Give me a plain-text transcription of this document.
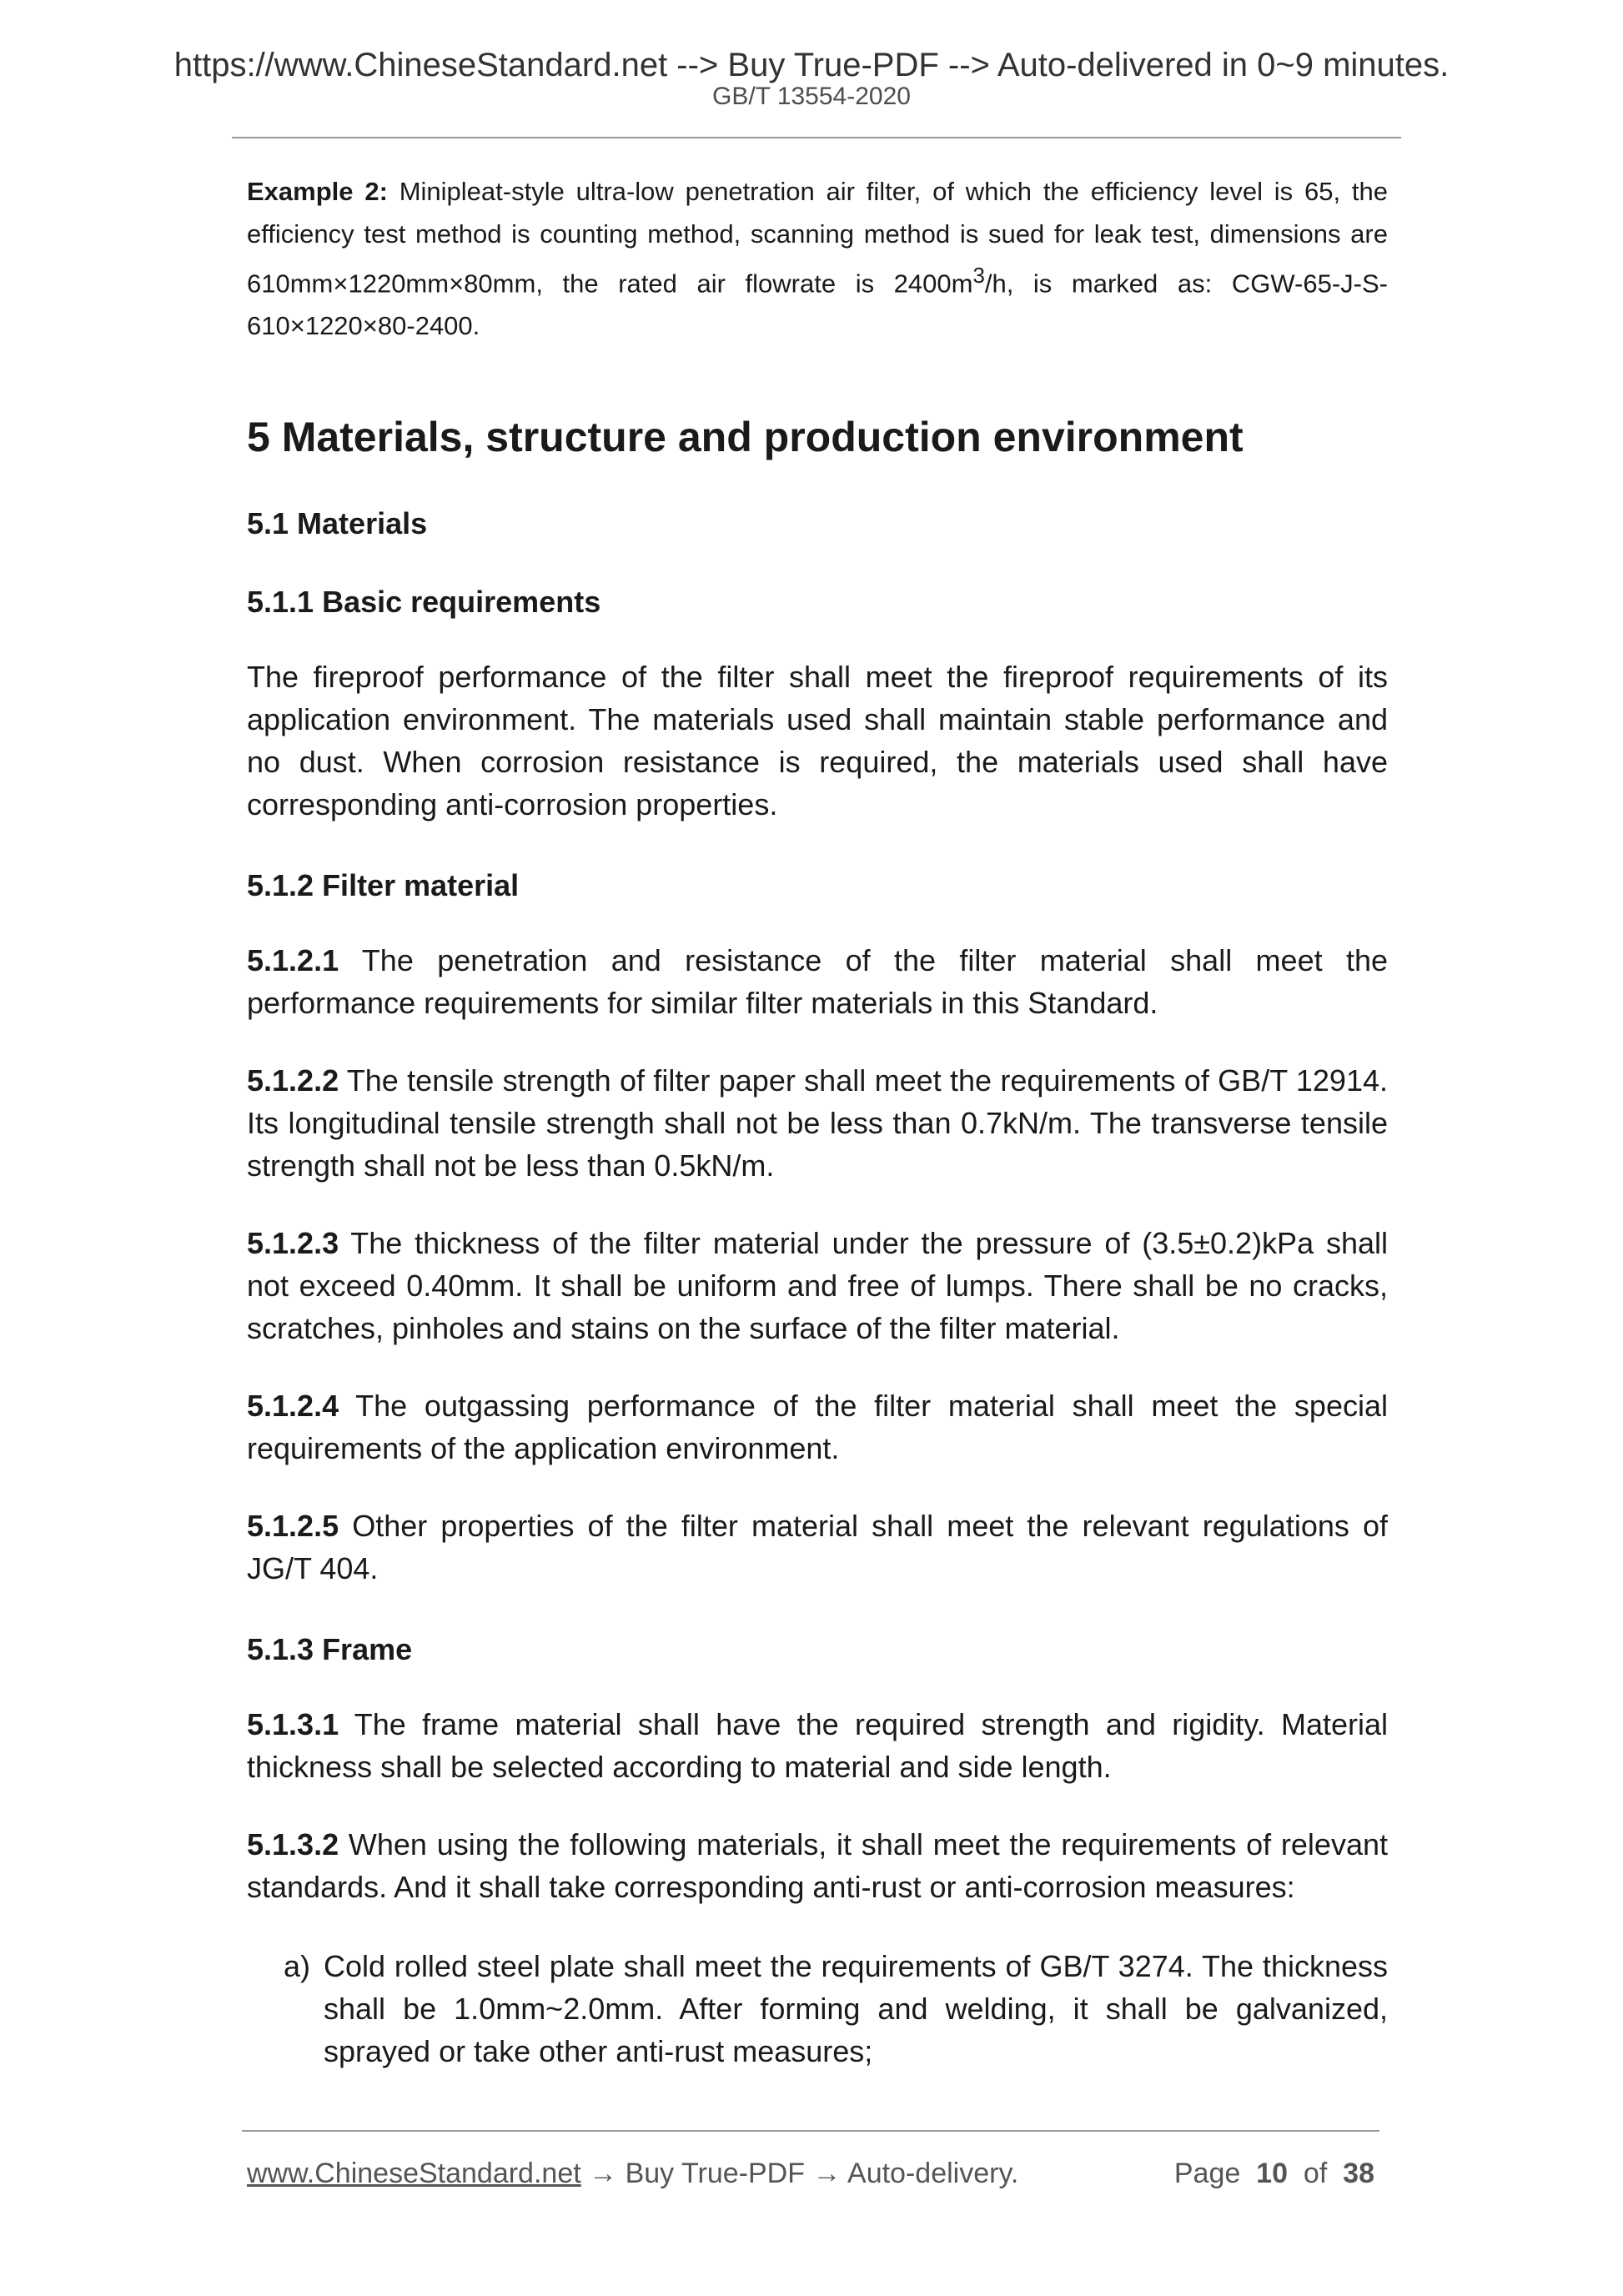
https://www.ChineseStandard.net --> Buy True-PDF --> Auto-delivered in 0~9 minutes.
GB/T 13554-2020

Example 2: Minipleat-style ultra-low penetration air filter, of which the efficiency level is 65, the efficiency test method is counting method, scanning method is sued for leak test, dimensions are 610mm×1220mm×80mm, the rated air flowrate is $2400m^3/h$, is marked as: CGW-65-J-S-610×1220×80-2400.

5 Materials, structure and production environment
5.1 Materials
5.1.1 Basic requirements

The fireproof performance of the filter shall meet the fireproof requirements of its application environment. The materials used shall maintain stable performance and no dust. When corrosion resistance is required, the materials used shall have corresponding anti-corrosion properties.

5.1.2 Filter material

5.1.2.1 The penetration and resistance of the filter material shall meet the performance requirements for similar filter materials in this Standard.

5.1.2.2 The tensile strength of filter paper shall meet the requirements of GB/T 12914. Its longitudinal tensile strength shall not be less than 0.7kN/m. The transverse tensile strength shall not be less than 0.5kN/m.

5.1.2.3 The thickness of the filter material under the pressure of (3.5±0.2)kPa shall not exceed 0.40mm. It shall be uniform and free of lumps. There shall be no cracks, scratches, pinholes and stains on the surface of the filter material.

5.1.2.4 The outgassing performance of the filter material shall meet the special requirements of the application environment.

5.1.2.5 Other properties of the filter material shall meet the relevant regulations of JG/T 404.

5.1.3 Frame

5.1.3.1 The frame material shall have the required strength and rigidity. Material thickness shall be selected according to material and side length.

5.1.3.2 When using the following materials, it shall meet the requirements of relevant standards. And it shall take corresponding anti-rust or anti-corrosion measures:

a) Cold rolled steel plate shall meet the requirements of GB/T 3274. The thickness shall be 1.0mm~2.0mm. After forming and welding, it shall be galvanized, sprayed or take other anti-rust measures;
www.ChineseStandard.net → Buy True-PDF → Auto-delivery.	Page 10 of 38
